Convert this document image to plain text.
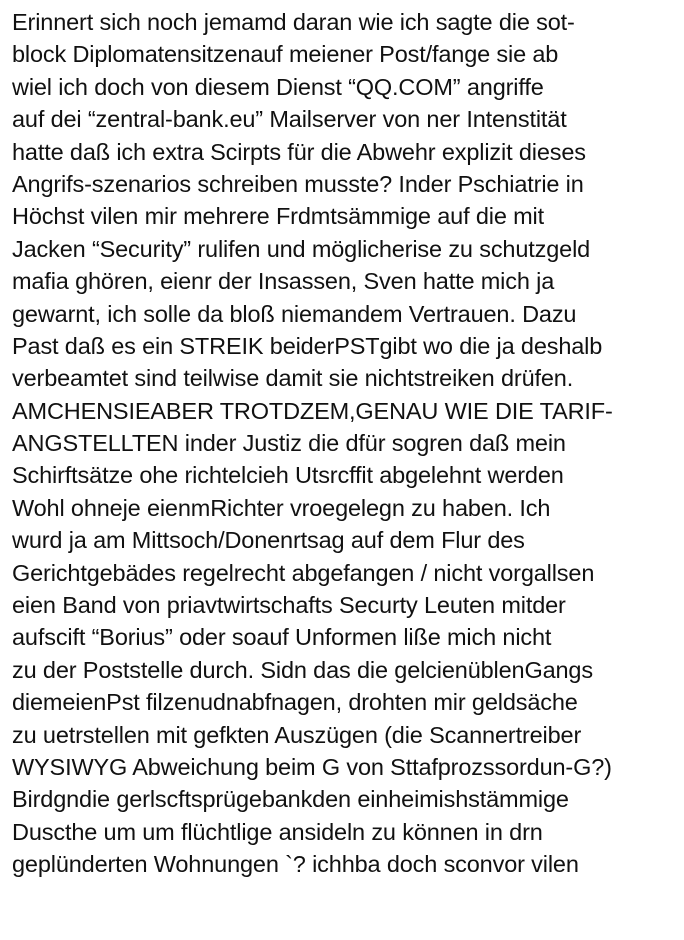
Erinnert sich noch jemamd daran wie ich sagte die sot-
block Diplomatensitzenauf meiener Post/fange sie ab
wiel ich doch von diesem Dienst “QQ.COM” angriffe
auf dei “zentral-bank.eu” Mailserver von ner Intenstität
hatte daß ich extra Scirpts für die Abwehr explizit dieses
Angrifs-szenarios schreiben musste? Inder Pschiatrie in
Höchst vilen mir mehrere Frdmtsämmige auf die mit
Jacken “Security” rulifen und möglicherise zu schutzgeld
mafia ghören, eienr der Insassen, Sven hatte mich ja
gewarnt, ich solle da bloß niemandem Vertrauen. Dazu
Past daß es ein STREIK beiderPSTgibt wo die ja deshalb
verbeamtet sind teilwise damit sie nichtstreiken drüfen.
AMCHENSIEABER TROTDZEM,GENAU WIE DIE TARIF-
ANGSTELLTEN inder Justiz die dfür sogren daß mein
Schirftsätze ohe richtelcieh Utsrcffit abgelehnt werden
Wohl ohneje eienmRichter vroegelegn zu haben. Ich
wurd ja am Mittsoch/Donenrtsag auf dem Flur des
Gerichtgebädes regelrecht abgefangen / nicht vorgallsen
eien Band von priavtwirtschafts Securty Leuten mitder
aufscift “Borius” oder soauf Unformen liße mich nicht
zu der Poststelle durch. Sidn das die gelcienüblenGangs
diemeienPst filzenudnabfnagen, drohten mir geldsäche
zu uetrstellen mit gefkten Auszügen (die Scannertreiber
WYSIWYG Abweichung beim G von Sttafprozssordun-G?)
Birdgndie gerlscftsprügebankden einheimishstämmige
Duscthe um um flüchtlige ansideln zu können in drn
geplünderten Wohnungen `? ichhba doch sconvor vilen
